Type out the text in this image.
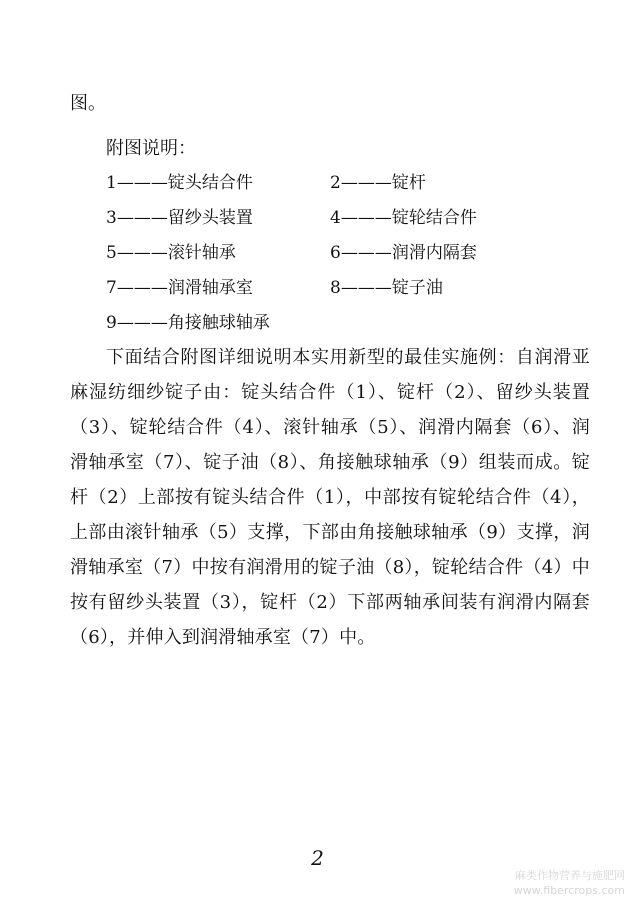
图。
附图说明：
1———锭头结合件	2———锭杆
3———留纱头装置	4———锭轮结合件
5———滚针轴承	6———润滑内隔套
7———润滑轴承室	8———锭子油
9———角接触球轴承
下面结合附图详细说明本实用新型的最佳实施例：自润滑亚麻湿纺细纱锭子由：锭头结合件（1）、锭杆（2）、留纱头装置（3）、锭轮结合件（4）、滚针轴承（5）、润滑内隔套（6）、润滑轴承室（7）、锭子油（8）、角接触球轴承（9）组装而成。锭杆（2）上部按有锭头结合件（1），中部按有锭轮结合件（4），上部由滚针轴承（5）支撑，下部由角接触球轴承（9）支撑，润滑轴承室（7）中按有润滑用的锭子油（8），锭轮结合件（4）中按有留纱头装置（3），锭杆（2）下部两轴承间装有润滑内隔套（6），并伸入到润滑轴承室（7）中。
2
麻类作物营养与施肥网
www.fibercrops.com
